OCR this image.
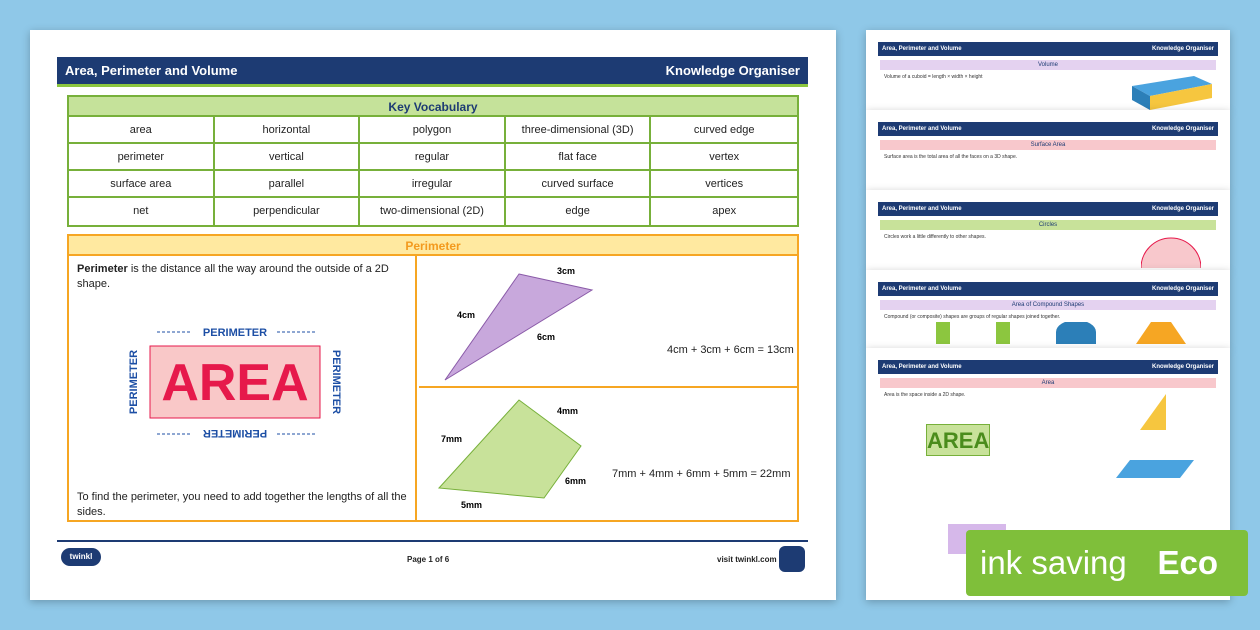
Area, Perimeter and Volume	Knowledge Organiser
Key Vocabulary
area	horizontal	polygon	three-dimensional (3D)	curved edge
perimeter	vertical	regular	flat face	vertex
surface area	parallel	irregular	curved surface	vertices
net	perpendicular	two-dimensional (2D)	edge	apex
Perimeter
Perimeter is the distance all the way around the outside of a 2D shape.
AREA
PERIMETER
PERIMETER	PERIMETER
PERIMETER
To find the perimeter, you need to add together the lengths of all the sides.
3cm
4cm
6cm
4cm + 3cm + 6cm = 13cm
4mm
7mm
6mm
5mm
7mm + 4mm + 6mm + 5mm = 22mm
twinkl	Page 1 of 6	visit twinkl.com
Area, Perimeter and Volume	Knowledge Organiser
Volume
Volume of a cuboid = length × width × height
Area, Perimeter and Volume	Knowledge Organiser
Surface Area
Surface area is the total area of all the faces on a 3D shape.
Area, Perimeter and Volume	Knowledge Organiser
Circles
Circles work a little differently to other shapes.
Area, Perimeter and Volume	Knowledge Organiser
Area of Compound Shapes
Compound (or composite) shapes are groups of regular shapes joined together.
Area, Perimeter and Volume	Knowledge Organiser
Area
Area is the space inside a 2D shape.
AREA
ink saving Eco
